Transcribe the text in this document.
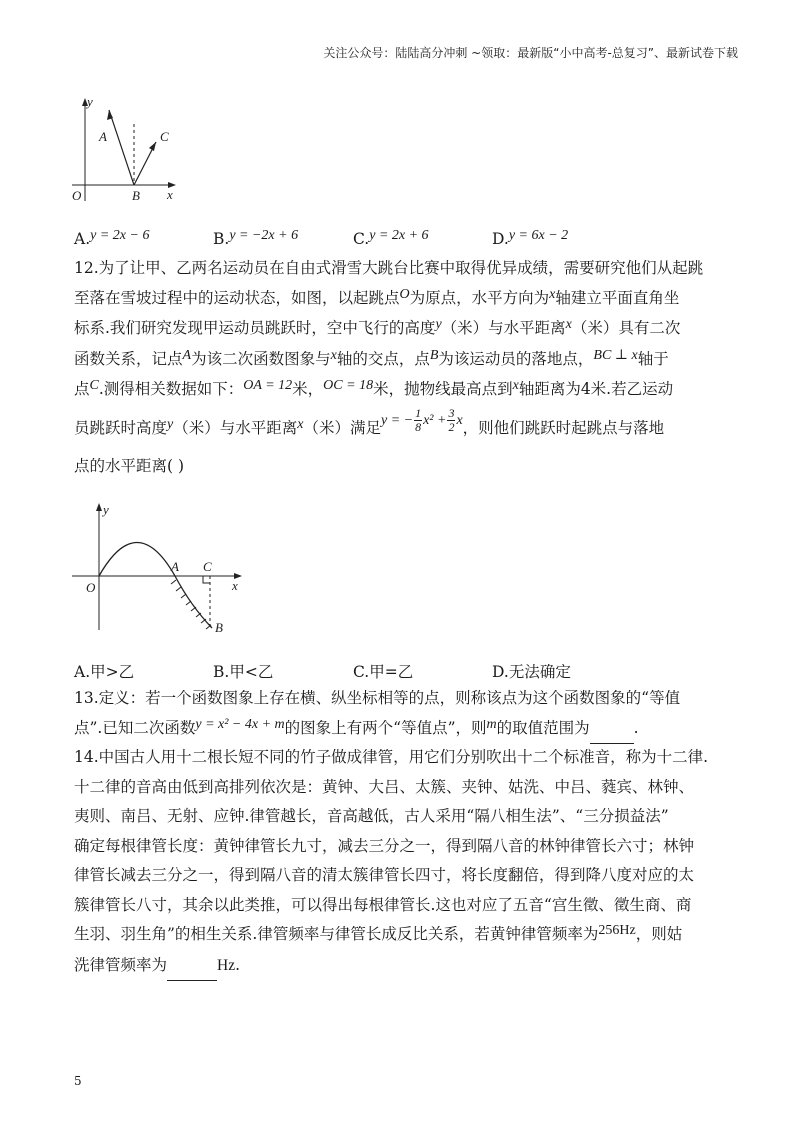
关注公众号：陆陆高分冲刺 ~领取：最新版“小中高考-总复习”、最新试卷下载
y
A	C
O	B x
A.y = 2x − 6	B.y = −2x + 6	C.y = 2x + 6	D.y = 6x − 2

12.为了让甲、乙两名运动员在自由式滑雪大跳台比赛中取得优异成绩，需要研究他们从起跳

至落在雪坡过程中的运动状态，如图，以起跳点O为原点，水平方向为x轴建立平面直角坐

标系.我们研究发现甲运动员跳跃时，空中飞行的高度y（米）与水平距离x（米）具有二次

函数关系，记点A为该二次函数图象与x轴的交点，点B为该运动员的落地点，BC ⊥ x轴于

点C.测得相关数据如下：OA = 12米，OC = 18米，抛物线最高点到x轴距离为4米.若乙运动

员跳跃时高度y（米）与水平距离x（米）满足y = − $\frac{1}{8} x^2 + \frac{3}{2}$ x，则他们跳跃时起跳点与落地

点的水平距离( )

y
O
A C
x
B
A.甲>乙	B.甲<乙	C.甲=乙	D.无法确定

13.定义：若一个函数图象上存在横、纵坐标相等的点，则称该点为这个函数图象的“等值

点”.已知二次函数y = x² − 4x + m的图象上有两个“等值点”，则m的取值范围为	.

14.中国古人用十二根长短不同的竹子做成律管，用它们分别吹出十二个标准音，称为十二律.

十二律的音高由低到高排列依次是：黄钟、大吕、太簇、夹钟、姑洗、中吕、蕤宾、林钟、

夷则、南吕、无射、应钟.律管越长，音高越低，古人采用“隔八相生法”、“三分损益法”

确定每根律管长度：黄钟律管长九寸，减去三分之一，得到隔八音的林钟律管长六寸；林钟

律管长减去三分之一，得到隔八音的清太簇律管长四寸，将长度翻倍，得到降八度对应的太

簇律管长八寸，其余以此类推，可以得出每根律管长.这也对应了五音“宫生徵、徵生商、商

生羽、羽生角”的相生关系.律管频率与律管长成反比关系，若黄钟律管频率为256Hz，则姑

洗律管频率为	Hz.

5
